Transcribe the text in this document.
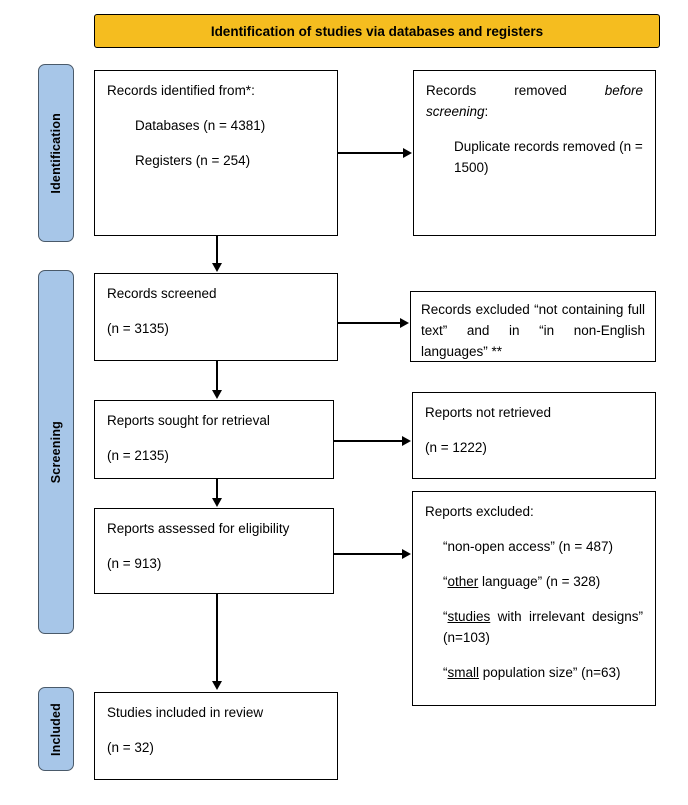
Identification of studies via databases and registers
Identification
Screening
Included
Records identified from*:
Databases (n = 4381)
Registers (n = 254)
Records	removed	before
screening:
Duplicate records removed (n = 1500)
Records screened
(n = 3135)
Records excluded “not containing full text” and in “in non-English languages” **
Reports sought for retrieval
(n = 2135)
Reports not retrieved
(n = 1222)
Reports assessed for eligibility
(n = 913)
Reports excluded:
“non-open access” (n = 487)
“other language” (n = 328)
“studies with irrelevant designs” (n=103)
“small population size” (n=63)
Studies included in review
(n = 32)
